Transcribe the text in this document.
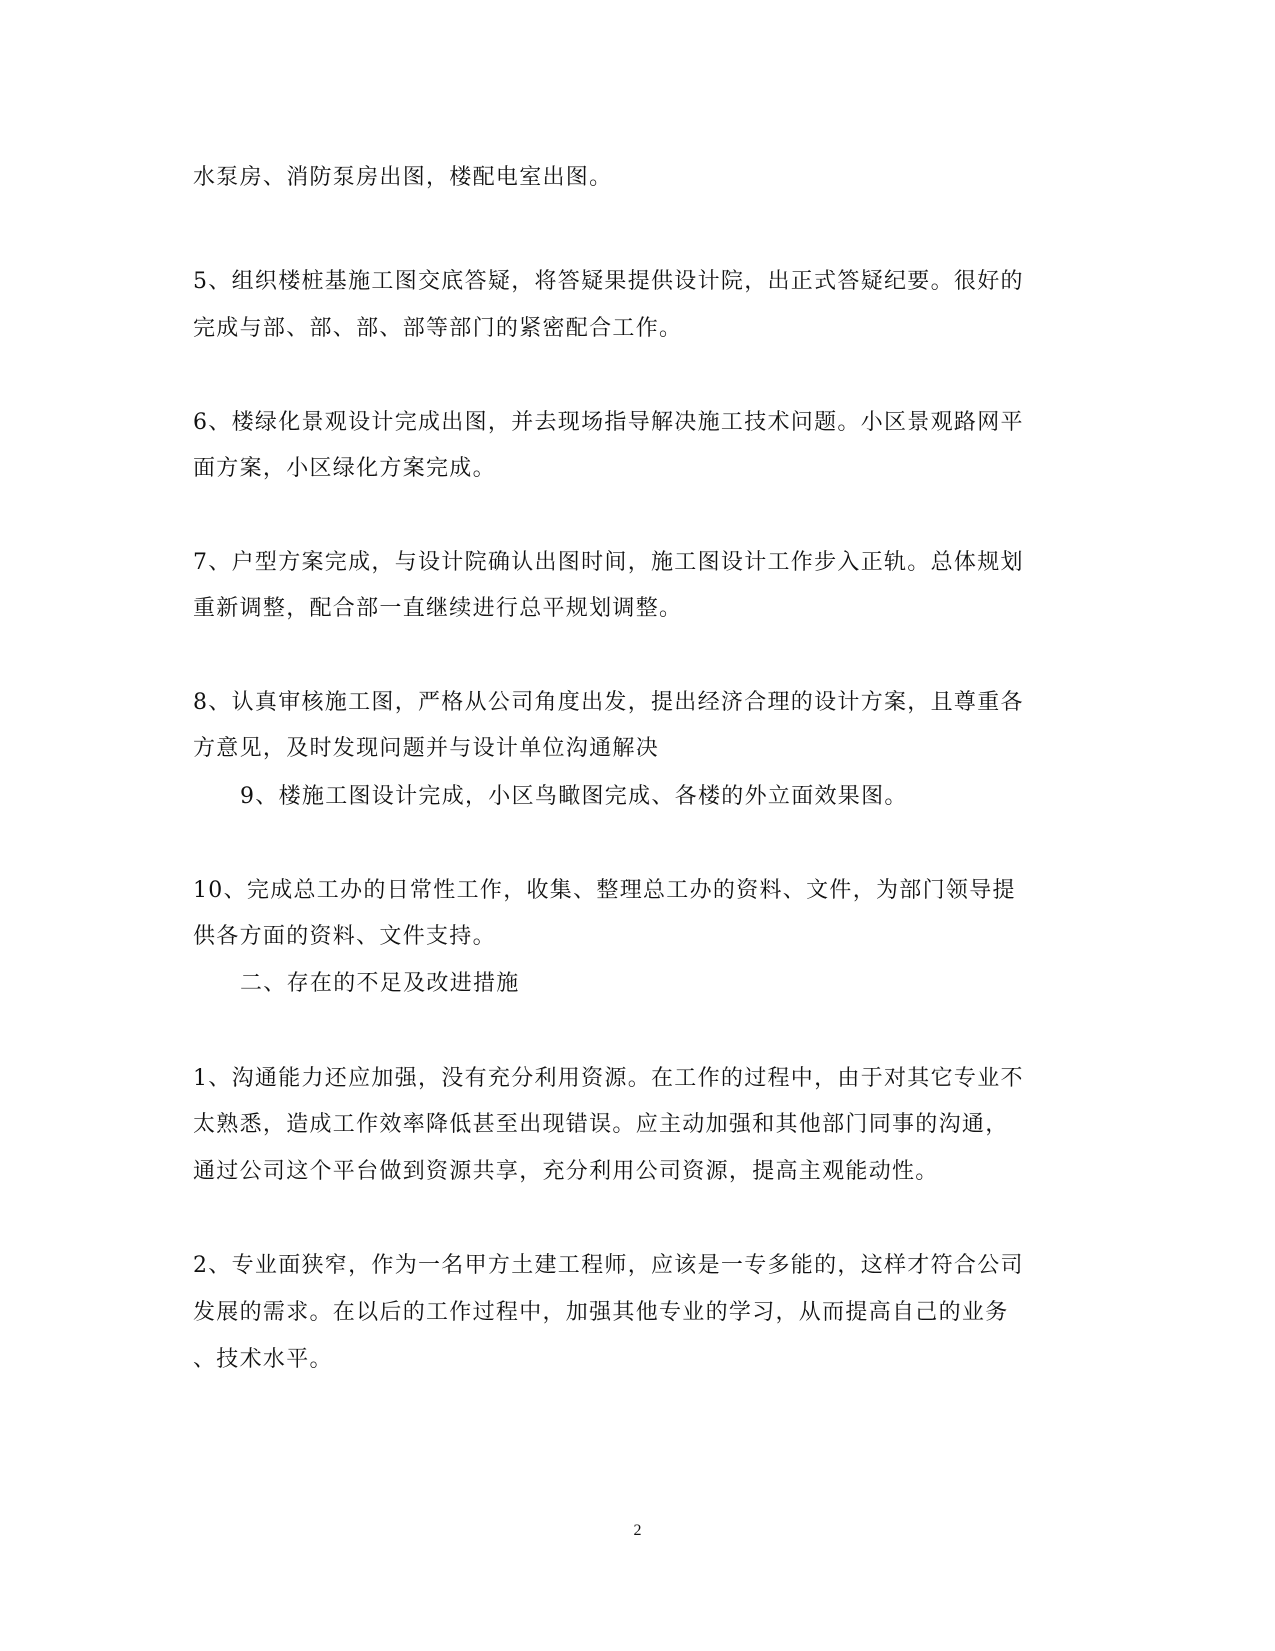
水泵房、消防泵房出图，楼配电室出图。
5、组织楼桩基施工图交底答疑，将答疑果提供设计院，出正式答疑纪要。很好的
完成与部、部、部、部等部门的紧密配合工作。
6、楼绿化景观设计完成出图，并去现场指导解决施工技术问题。小区景观路网平
面方案，小区绿化方案完成。
7、户型方案完成，与设计院确认出图时间，施工图设计工作步入正轨。总体规划
重新调整，配合部一直继续进行总平规划调整。
8、认真审核施工图，严格从公司角度出发，提出经济合理的设计方案，且尊重各
方意见，及时发现问题并与设计单位沟通解决
9、楼施工图设计完成，小区鸟瞰图完成、各楼的外立面效果图。
10、完成总工办的日常性工作，收集、整理总工办的资料、文件，为部门领导提
供各方面的资料、文件支持。
二、存在的不足及改进措施
1、沟通能力还应加强，没有充分利用资源。在工作的过程中，由于对其它专业不
太熟悉，造成工作效率降低甚至出现错误。应主动加强和其他部门同事的沟通，
通过公司这个平台做到资源共享，充分利用公司资源，提高主观能动性。
2、专业面狭窄，作为一名甲方土建工程师，应该是一专多能的，这样才符合公司
发展的需求。在以后的工作过程中，加强其他专业的学习，从而提高自己的业务
、技术水平。
2
